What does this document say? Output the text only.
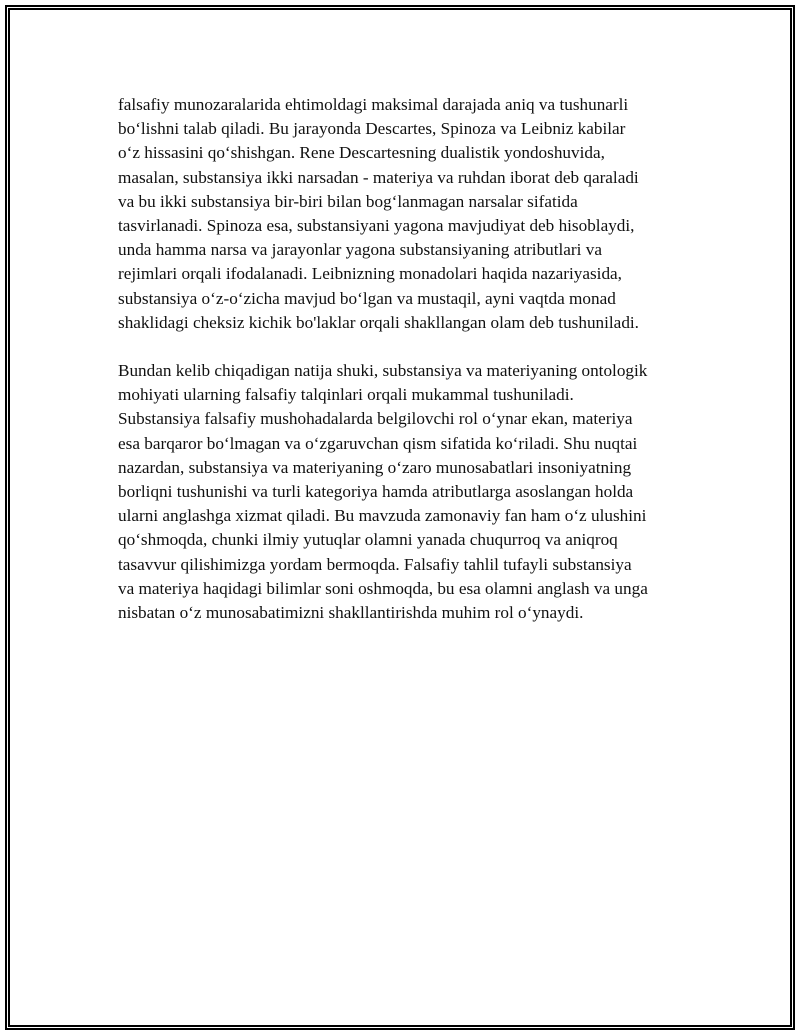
falsafiy munozaralarida ehtimoldagi maksimal darajada aniq va tushunarli
bo‘lishni talab qiladi. Bu jarayonda Descartes, Spinoza va Leibniz kabilar
o‘z hissasini qo‘shishgan. Rene Descartesning dualistik yondoshuvida,
masalan, substansiya ikki narsadan - materiya va ruhdan iborat deb qaraladi
va bu ikki substansiya bir-biri bilan bog‘lanmagan narsalar sifatida
tasvirlanadi. Spinoza esa, substansiyani yagona mavjudiyat deb hisoblaydi,
unda hamma narsa va jarayonlar yagona substansiyaning atributlari va
rejimlari orqali ifodalanadi. Leibnizning monadolari haqida nazariyasida,
substansiya o‘z-o‘zicha mavjud bo‘lgan va mustaqil, ayni vaqtda monad
shaklidagi cheksiz kichik bo'laklar orqali shakllangan olam deb tushuniladi.

Bundan kelib chiqadigan natija shuki, substansiya va materiyaning ontologik
mohiyati ularning falsafiy talqinlari orqali mukammal tushuniladi.
Substansiya falsafiy mushohadalarda belgilovchi rol o‘ynar ekan, materiya
esa barqaror bo‘lmagan va o‘zgaruvchan qism sifatida ko‘riladi. Shu nuqtai
nazardan, substansiya va materiyaning o‘zaro munosabatlari insoniyatning
borliqni tushunishi va turli kategoriya hamda atributlarga asoslangan holda
ularni anglashga xizmat qiladi. Bu mavzuda zamonaviy fan ham o‘z ulushini
qo‘shmoqda, chunki ilmiy yutuqlar olamni yanada chuqurroq va aniqroq
tasavvur qilishimizga yordam bermoqda. Falsafiy tahlil tufayli substansiya
va materiya haqidagi bilimlar soni oshmoqda, bu esa olamni anglash va unga
nisbatan o‘z munosabatimizni shakllantirishda muhim rol o‘ynaydi.
